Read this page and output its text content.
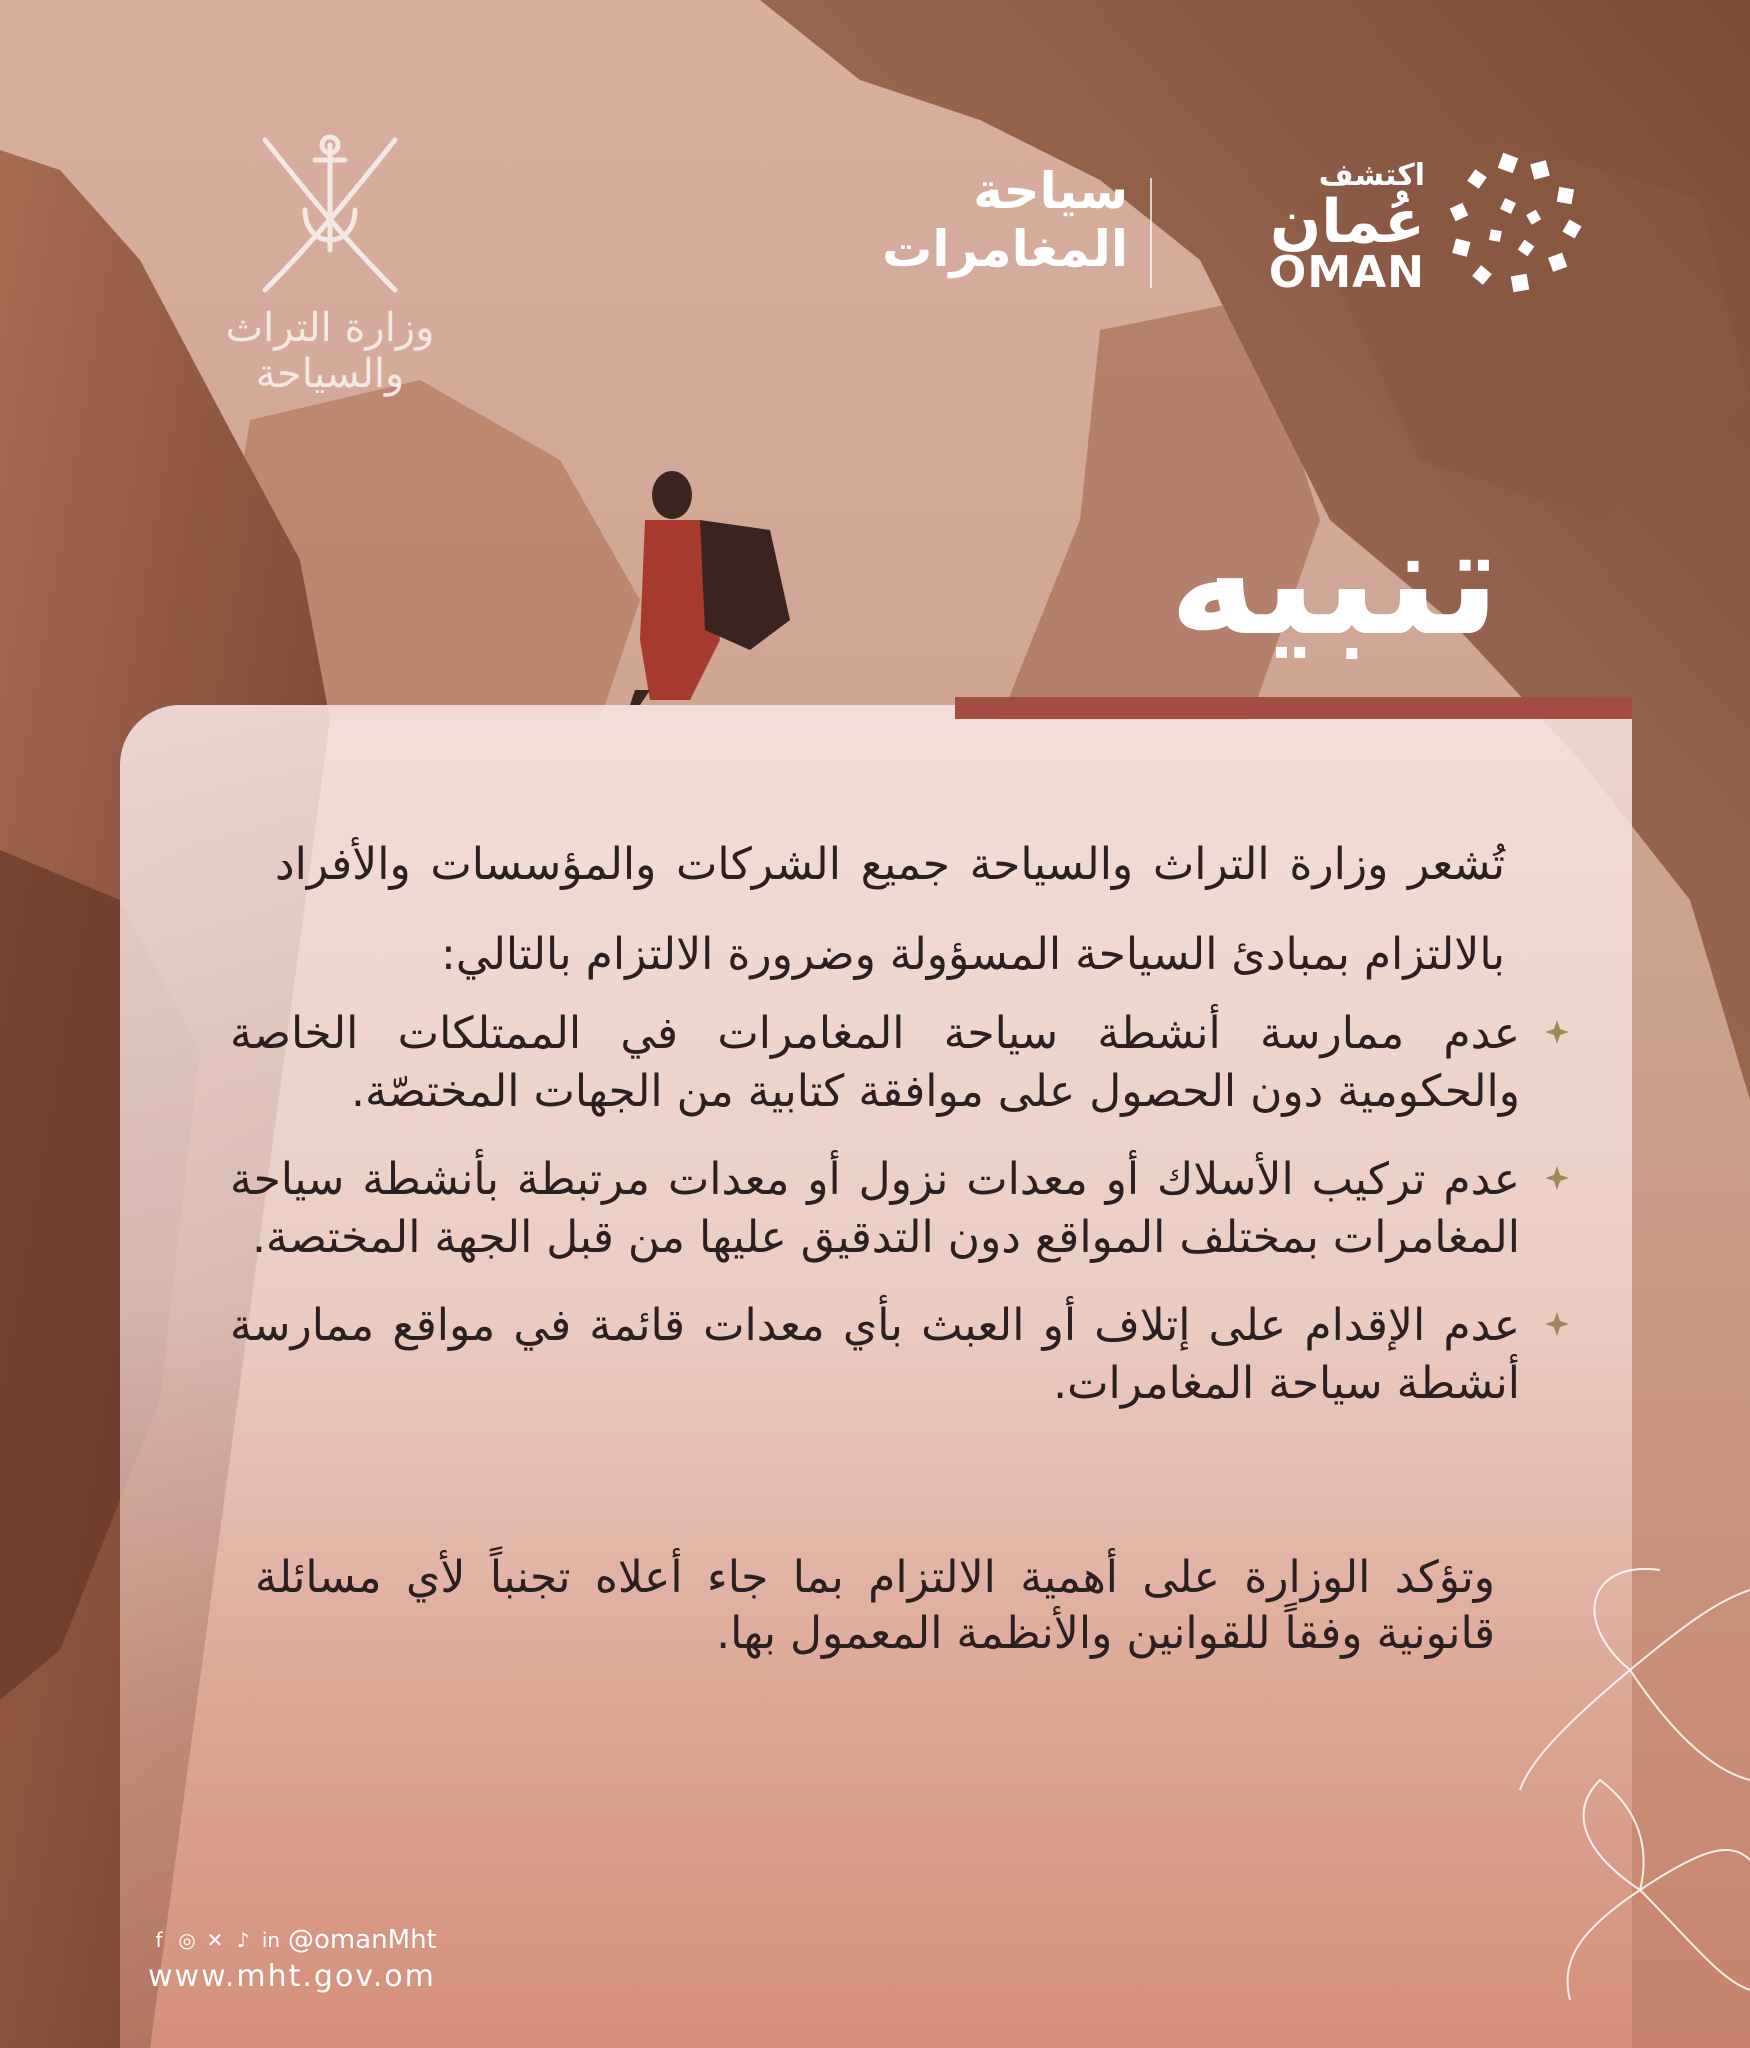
وزارة التراث والسياحة
اكتشف
عُمان
OMAN
سياحة
المغامرات
تنبيه
تُشعر وزارة التراث والسياحة جميع الشركات والمؤسسات والأفراد بالالتزام بمبادئ السياحة المسؤولة وضرورة الالتزام بالتالي:
عدم ممارسة أنشطة سياحة المغامرات في الممتلكات الخاصة والحكومية دون الحصول على موافقة كتابية من الجهات المختصّة.
عدم تركيب الأسلاك أو معدات نزول أو معدات مرتبطة بأنشطة سياحة المغامرات بمختلف المواقع دون التدقيق عليها من قبل الجهة المختصة.
عدم الإقدام على إتلاف أو العبث بأي معدات قائمة في مواقع ممارسة أنشطة سياحة المغامرات.
وتؤكد الوزارة على أهمية الالتزام بما جاء أعلاه تجنباً لأي مسائلة قانونية وفقاً للقوانين والأنظمة المعمول بها.
f ◎ ✕ ♪ in @omanMht
www.mht.gov.om
